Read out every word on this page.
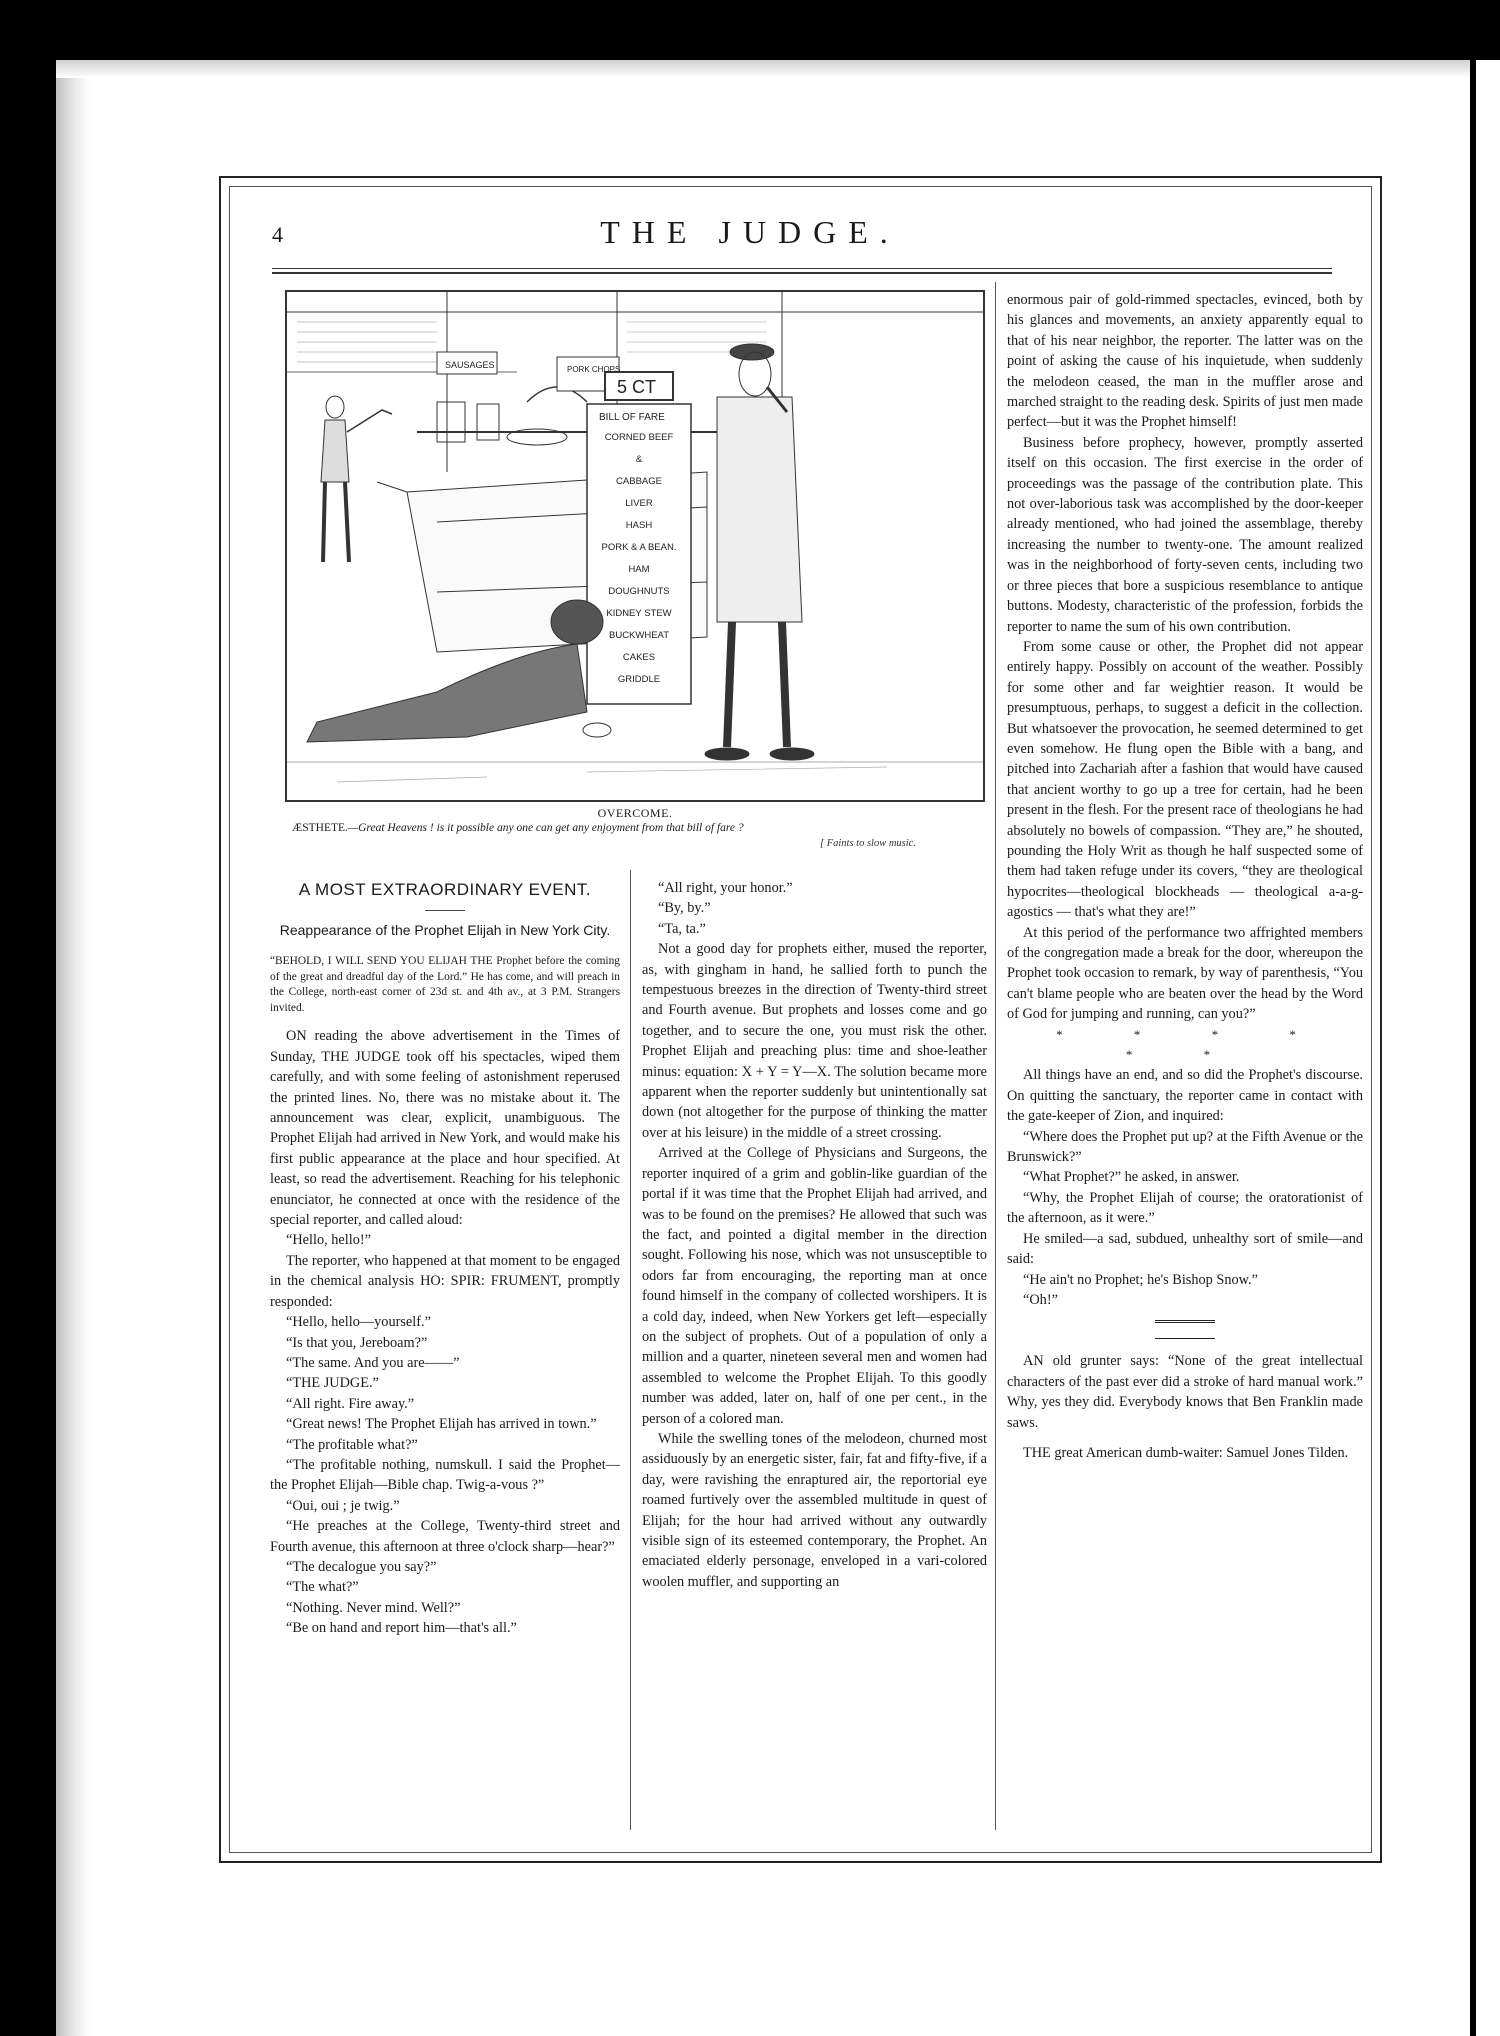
4	THE JUDGE.
SAUSAGES	PORK CHOPS
5 CT
BILL OF FARE
CORNED BEEF
&
CABBAGE
LIVER
HASH
PORK & A BEAN.
HAM
DOUGHNUTS
KIDNEY STEW
BUCKWHEAT
CAKES
GRIDDLE
OVERCOME.
ÆSTHETE.—Great Heavens ! is it possible any one can get any enjoyment from that bill of fare ?
[ Faints to slow music.
A MOST EXTRAORDINARY EVENT.
Reappearance of the Prophet Elijah in New York City.
“BEHOLD, I WILL SEND YOU ELIJAH THE Prophet before the coming of the great and dreadful day of the Lord.” He has come, and will preach in the College, north-east corner of 23d st. and 4th av., at 3 P.M. Strangers invited.

ON reading the above advertisement in the Times of Sunday, THE JUDGE took off his spectacles, wiped them carefully, and with some feeling of astonishment reperused the printed lines. No, there was no mistake about it. The announcement was clear, explicit, unambiguous. The Prophet Elijah had arrived in New York, and would make his first public appearance at the place and hour specified. At least, so read the advertisement. Reaching for his telephonic enunciator, he connected at once with the residence of the special reporter, and called aloud:

“Hello, hello!”

The reporter, who happened at that moment to be engaged in the chemical analysis HO: SPIR: FRUMENT, promptly responded:

“Hello, hello—yourself.”

“Is that you, Jereboam?”

“The same. And you are——”

“THE JUDGE.”

“All right. Fire away.”

“Great news! The Prophet Elijah has arrived in town.”

“The profitable what?”

“The profitable nothing, numskull. I said the Prophet—the Prophet Elijah—Bible chap. Twig-a-vous ?”

“Oui, oui ; je twig.”

“He preaches at the College, Twenty-third street and Fourth avenue, this afternoon at three o'clock sharp—hear?”

“The decalogue you say?”

“The what?”

“Nothing. Never mind. Well?”

“Be on hand and report him—that's all.”

“All right, your honor.”

“By, by.”

“Ta, ta.”

Not a good day for prophets either, mused the reporter, as, with gingham in hand, he sallied forth to punch the tempestuous breezes in the direction of Twenty-third street and Fourth avenue. But prophets and losses come and go together, and to secure the one, you must risk the other. Prophet Elijah and preaching plus: time and shoe-leather minus: equation: X + Y = Y—X. The solution became more apparent when the reporter suddenly but unintentionally sat down (not altogether for the purpose of thinking the matter over at his leisure) in the middle of a street crossing.

Arrived at the College of Physicians and Surgeons, the reporter inquired of a grim and goblin-like guardian of the portal if it was time that the Prophet Elijah had arrived, and was to be found on the premises? He allowed that such was the fact, and pointed a digital member in the direction sought. Following his nose, which was not unsusceptible to odors far from encouraging, the reporting man at once found himself in the company of collected worshipers. It is a cold day, indeed, when New Yorkers get left—especially on the subject of prophets. Out of a population of only a million and a quarter, nineteen several men and women had assembled to welcome the Prophet Elijah. To this goodly number was added, later on, half of one per cent., in the person of a colored man.

While the swelling tones of the melodeon, churned most assiduously by an energetic sister, fair, fat and fifty-five, if a day, were ravishing the enraptured air, the reportorial eye roamed furtively over the assembled multitude in quest of Elijah; for the hour had arrived without any outwardly visible sign of its esteemed contemporary, the Prophet. An emaciated elderly personage, enveloped in a vari-colored woolen muffler, and supporting an

enormous pair of gold-rimmed spectacles, evinced, both by his glances and movements, an anxiety apparently equal to that of his near neighbor, the reporter. The latter was on the point of asking the cause of his inquietude, when suddenly the melodeon ceased, the man in the muffler arose and marched straight to the reading desk. Spirits of just men made perfect—but it was the Prophet himself!

Business before prophecy, however, promptly asserted itself on this occasion. The first exercise in the order of proceedings was the passage of the contribution plate. This not over-laborious task was accomplished by the door-keeper already mentioned, who had joined the assemblage, thereby increasing the number to twenty-one. The amount realized was in the neighborhood of forty-seven cents, including two or three pieces that bore a suspicious resemblance to antique buttons. Modesty, characteristic of the profession, forbids the reporter to name the sum of his own contribution.

From some cause or other, the Prophet did not appear entirely happy. Possibly on account of the weather. Possibly for some other and far weightier reason. It would be presumptuous, perhaps, to suggest a deficit in the collection. But whatsoever the provocation, he seemed determined to get even somehow. He flung open the Bible with a bang, and pitched into Zachariah after a fashion that would have caused that ancient worthy to go up a tree for certain, had he been present in the flesh. For the present race of theologians he had absolutely no bowels of compassion. “They are,” he shouted, pounding the Holy Writ as though he half suspected some of them had taken refuge under its covers, “they are theological hypocrites—theological blockheads — theological a-a-g-agostics — that's what they are!”

At this period of the performance two affrighted members of the congregation made a break for the door, whereupon the Prophet took occasion to remark, by way of parenthesis, “You can't blame people who are beaten over the head by the Word of God for jumping and running, can you?”

* * * * * *

All things have an end, and so did the Prophet's discourse. On quitting the sanctuary, the reporter came in contact with the gate-keeper of Zion, and inquired:

“Where does the Prophet put up? at the Fifth Avenue or the Brunswick?”

“What Prophet?” he asked, in answer.

“Why, the Prophet Elijah of course; the oratorationist of the afternoon, as it were.”

He smiled—a sad, subdued, unhealthy sort of smile—and said:

“He ain't no Prophet; he's Bishop Snow.”

“Oh!”

AN old grunter says: “None of the great intellectual characters of the past ever did a stroke of hard manual work.” Why, yes they did. Everybody knows that Ben Franklin made saws.

THE great American dumb-waiter: Samuel Jones Tilden.

comicbooks.com
